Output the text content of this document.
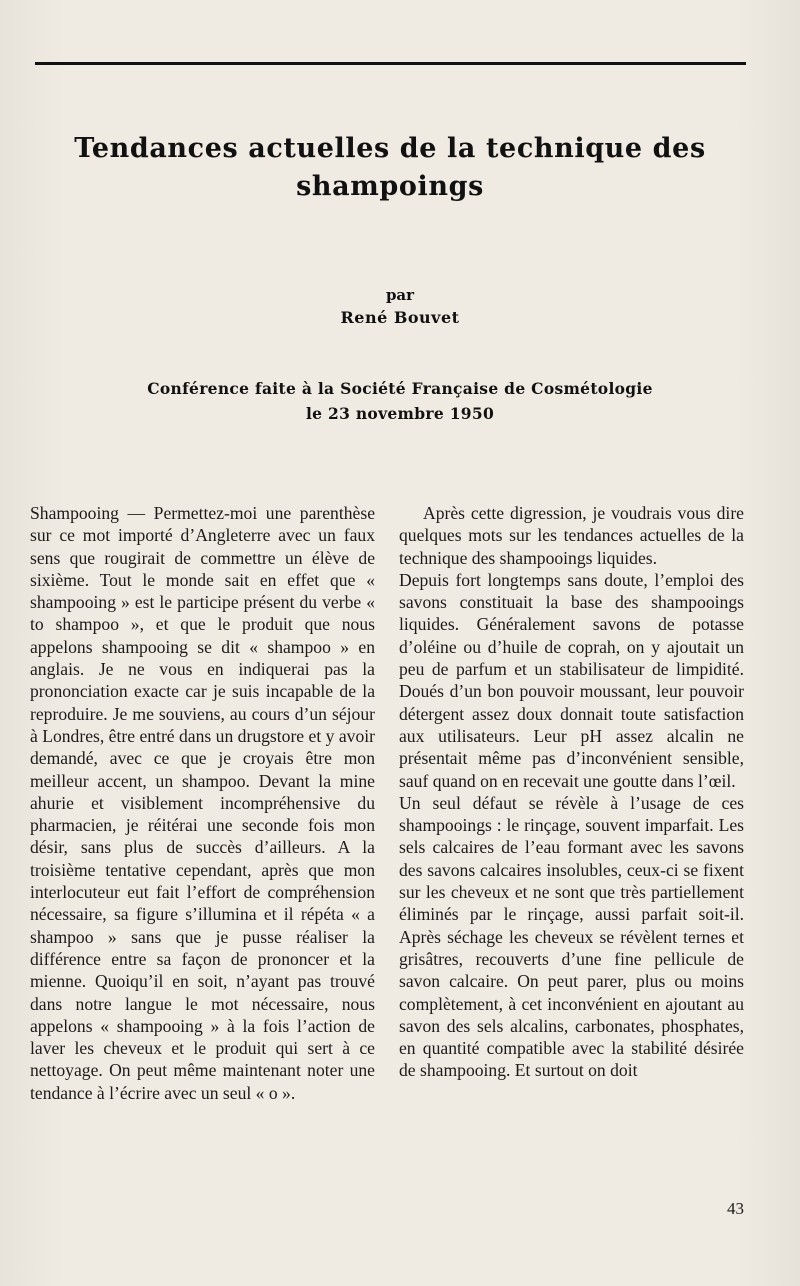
Tendances actuelles de la technique des shampoings
par
René Bouvet
Conférence faite à la Société Française de Cosmétologie
le 23 novembre 1950

Shampooing — Permettez-moi une parenthèse sur ce mot importé d’Angleterre avec un faux sens que rougirait de commettre un élève de sixième. Tout le monde sait en effet que « shampooing » est le participe présent du verbe « to shampoo », et que le produit que nous appelons shampooing se dit « shampoo » en anglais. Je ne vous en indiquerai pas la prononciation exacte car je suis incapable de la reproduire. Je me souviens, au cours d’un séjour à Londres, être entré dans un drugstore et y avoir demandé, avec ce que je croyais être mon meilleur accent, un shampoo. Devant la mine ahurie et visiblement incompréhensive du pharmacien, je réitérai une seconde fois mon désir, sans plus de succès d’ailleurs. A la troisième tentative cependant, après que mon interlocuteur eut fait l’effort de compréhension nécessaire, sa figure s’illumina et il répéta « a shampoo » sans que je pusse réaliser la différence entre sa façon de prononcer et la mienne. Quoiqu’il en soit, n’ayant pas trouvé dans notre langue le mot nécessaire, nous appelons « shampooing » à la fois l’action de laver les cheveux et le produit qui sert à ce nettoyage. On peut même maintenant noter une tendance à l’écrire avec un seul « o ».

Après cette digression, je voudrais vous dire quelques mots sur les tendances actuelles de la technique des shampooings liquides.

Depuis fort longtemps sans doute, l’emploi des savons constituait la base des shampooings liquides. Généralement savons de potasse d’oléine ou d’huile de coprah, on y ajoutait un peu de parfum et un stabilisateur de limpidité. Doués d’un bon pouvoir moussant, leur pouvoir détergent assez doux donnait toute satisfaction aux utilisateurs. Leur pH assez alcalin ne présentait même pas d’inconvénient sensible, sauf quand on en recevait une goutte dans l’œil.

Un seul défaut se révèle à l’usage de ces shampooings : le rinçage, souvent imparfait. Les sels calcaires de l’eau formant avec les savons des savons calcaires insolubles, ceux-ci se fixent sur les cheveux et ne sont que très partiellement éliminés par le rinçage, aussi parfait soit-il. Après séchage les cheveux se révèlent ternes et grisâtres, recouverts d’une fine pellicule de savon calcaire. On peut parer, plus ou moins complètement, à cet inconvénient en ajoutant au savon des sels alcalins, carbonates, phosphates, en quantité compatible avec la stabilité désirée de shampooing. Et surtout on doit

43
